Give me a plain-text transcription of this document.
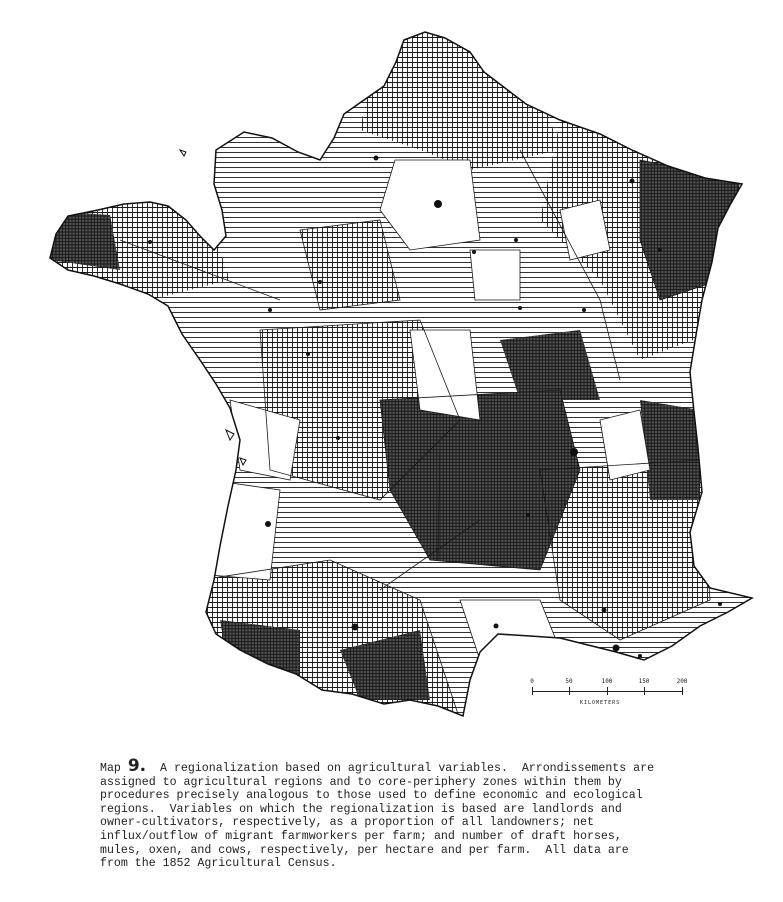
0	50	100	150	200
KILOMETERS
Map 9.  A regionalization based on agricultural variables.  Arrondissements are
assigned to agricultural regions and to core-periphery zones within them by
procedures precisely analogous to those used to define economic and ecological
regions.  Variables on which the regionalization is based are landlords and
owner-cultivators, respectively, as a proportion of all landowners; net
influx/outflow of migrant farmworkers per farm; and number of draft horses,
mules, oxen, and cows, respectively, per hectare and per farm.  All data are
from the 1852 Agricultural Census.
